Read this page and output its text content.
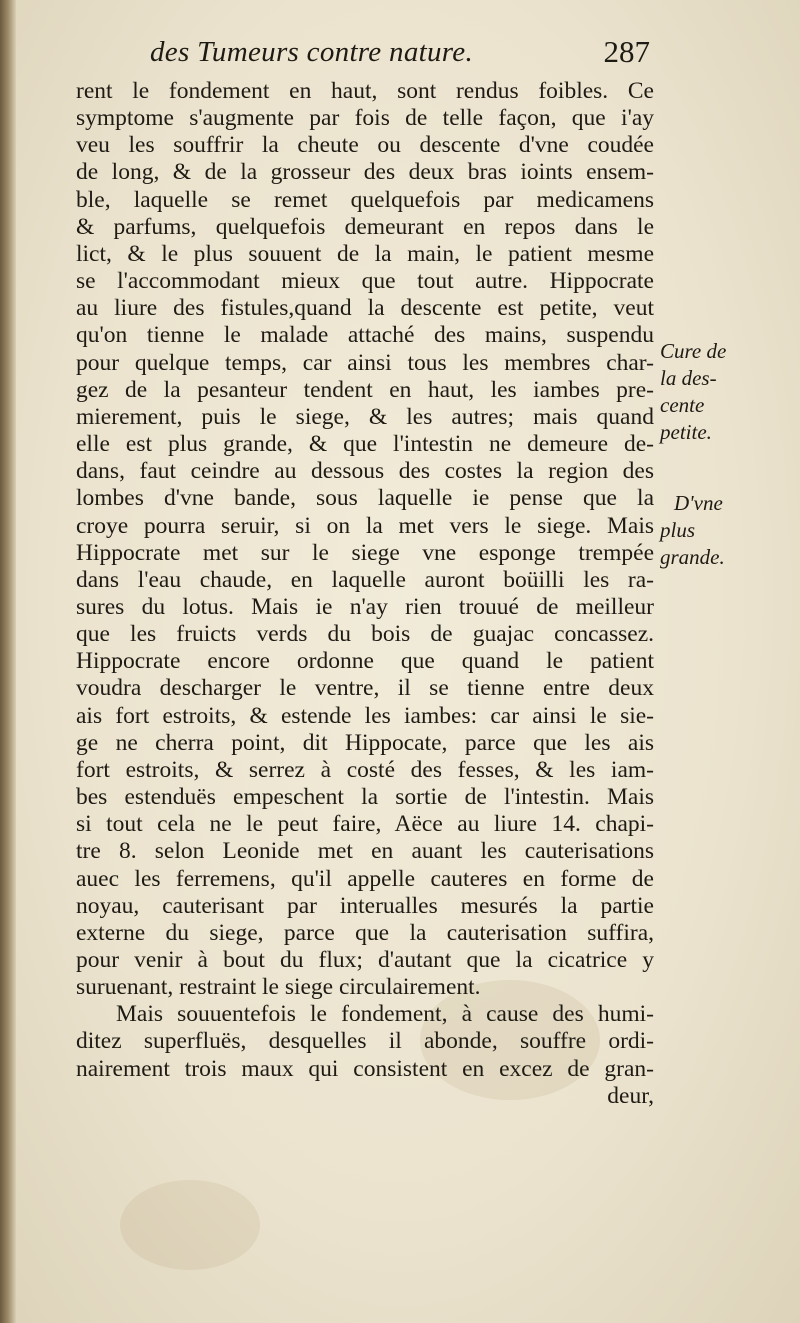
des Tumeurs contre nature.	287
rent le fondement en haut, sont rendus foibles. Ce
symptome s'augmente par fois de telle façon, que i'ay
veu les souffrir la cheute ou descente d'vne coudée
de long, & de la grosseur des deux bras ioints ensem-
ble, laquelle se remet quelquefois par medicamens
& parfums, quelquefois demeurant en repos dans le
lict, & le plus souuent de la main, le patient mesme
se l'accommodant mieux que tout autre. Hippocrate
au liure des fistules,quand la descente est petite, veut
qu'on tienne le malade attaché des mains, suspendu
pour quelque temps, car ainsi tous les membres char-
gez de la pesanteur tendent en haut, les iambes pre-
mierement, puis le siege, & les autres; mais quand
elle est plus grande, & que l'intestin ne demeure de-
dans, faut ceindre au dessous des costes la region des
lombes d'vne bande, sous laquelle ie pense que la
croye pourra seruir, si on la met vers le siege. Mais
Hippocrate met sur le siege vne esponge trempée
dans l'eau chaude, en laquelle auront boüilli les ra-
sures du lotus. Mais ie n'ay rien trouué de meilleur
que les fruicts verds du bois de guajac concassez.
Hippocrate encore ordonne que quand le patient
voudra descharger le ventre, il se tienne entre deux
ais fort estroits, & estende les iambes: car ainsi le sie-
ge ne cherra point, dit Hippocate, parce que les ais
fort estroits, & serrez à costé des fesses, & les iam-
bes estenduës empeschent la sortie de l'intestin. Mais
si tout cela ne le peut faire, Aëce au liure 14. chapi-
tre 8. selon Leonide met en auant les cauterisations
auec les ferremens, qu'il appelle cauteres en forme de
noyau, cauterisant par interualles mesurés la partie
externe du siege, parce que la cauterisation suffira,
pour venir à bout du flux; d'autant que la cicatrice y
suruenant, restraint le siege circulairement.
Mais souuentefois le fondement, à cause des humi-
ditez superfluës, desquelles il abonde, souffre ordi-
nairement trois maux qui consistent en excez de gran-
deur,
Cure de
la des-
cente
petite.
D'vne
plus
grande.
